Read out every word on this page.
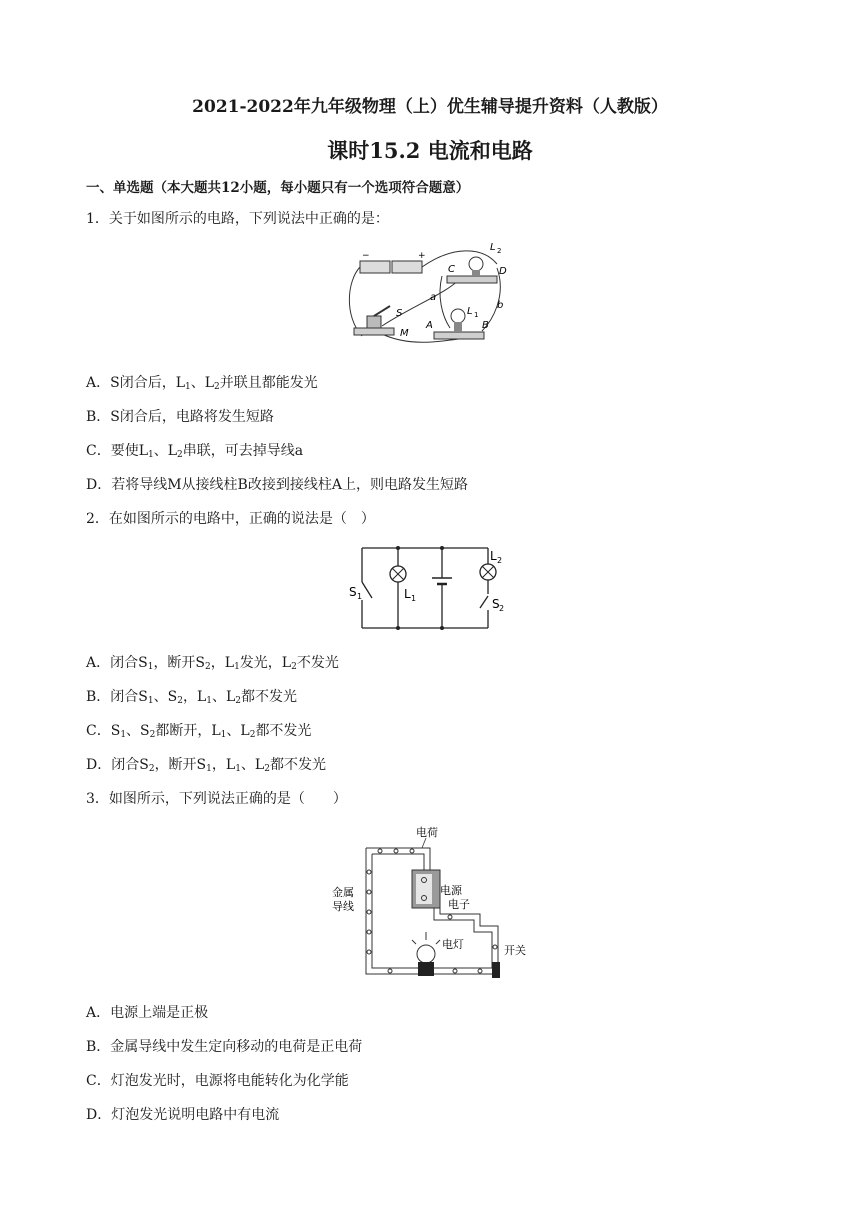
2021-2022年九年级物理（上）优生辅导提升资料（人教版）
课时15.2 电流和电路
一、单选题（本大题共12小题，每小题只有一个选项符合题意）
1．关于如图所示的电路，下列说法中正确的是：
−	+
L 2
C	D
a
b
L 1
S
A	B
M
A．S闭合后，$L_1$、$L_2$并联且都能发光
B．S闭合后，电路将发生短路
C．要使$L_1$、$L_2$串联，可去掉导线a
D．若将导线M从接线柱B改接到接线柱A上，则电路发生短路
2．在如图所示的电路中，正确的说法是（　）
S 1	L 1
L 2
S 2
A．闭合$S_1$，断开$S_2$，$L_1$发光，$L_2$不发光
B．闭合$S_1$、$S_2$，$L_1$、$L_2$都不发光
C．$S_1$、$S_2$都断开，$L_1$、$L_2$都不发光
D．闭合$S_2$，断开$S_1$，$L_1$、$L_2$都不发光
3．如图所示，下列说法正确的是（　　）
电荷
电源
电子
金属
导线
电灯	开关
A．电源上端是正极
B．金属导线中发生定向移动的电荷是正电荷
C．灯泡发光时，电源将电能转化为化学能
D．灯泡发光说明电路中有电流
